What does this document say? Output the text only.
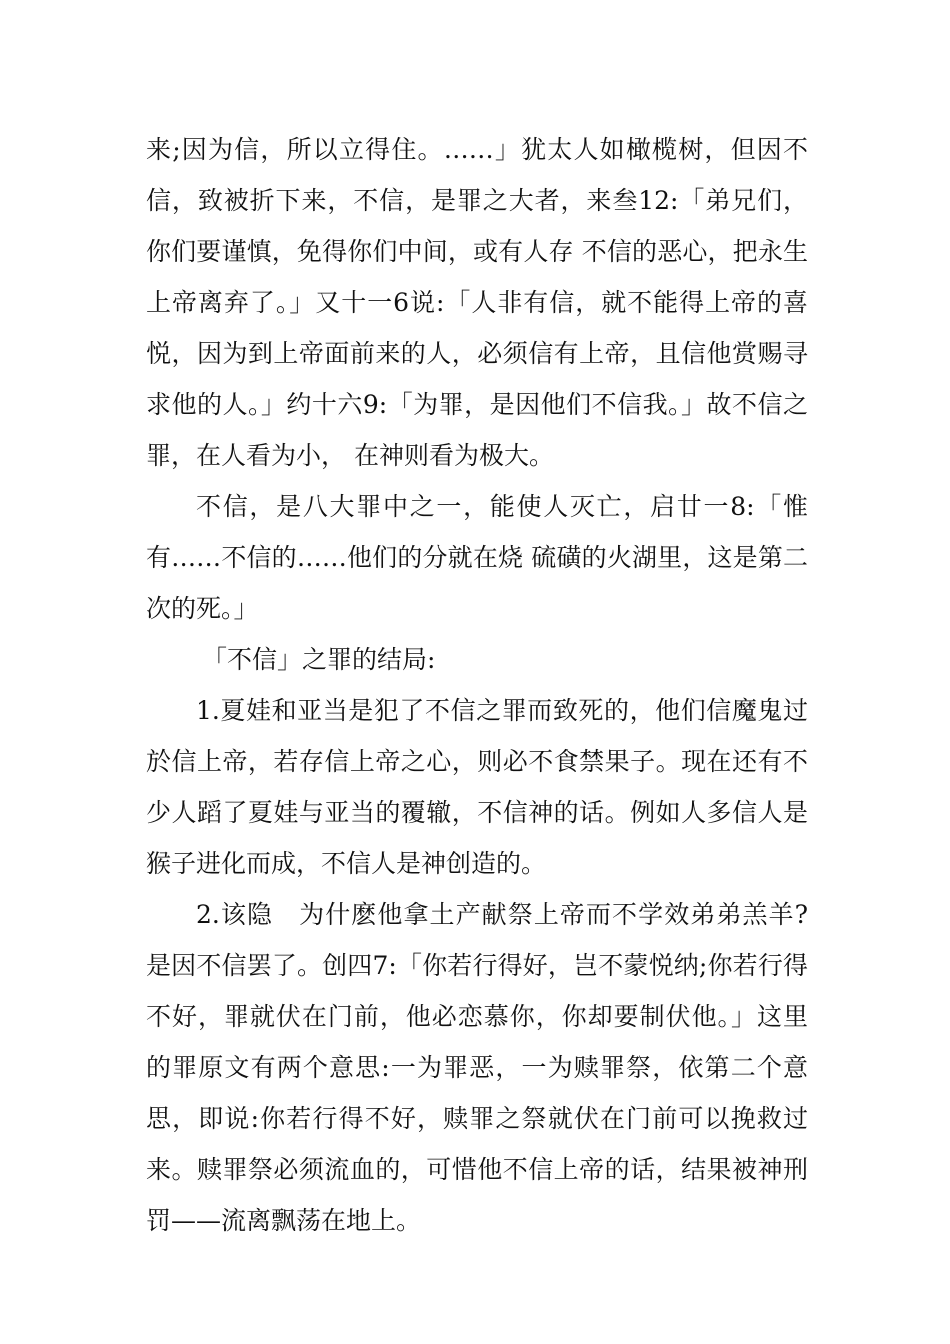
来;因为信，所以立得住。……」犹太人如橄榄树，但因不信，致被折下来，不信，是罪之大者，来叁12:「弟兄们，你们要谨慎，免得你们中间，或有人存 不信的恶心，把永生上帝离弃了。」又十一6说:「人非有信，就不能得上帝的喜悦，因为到上帝面前来的人，必须信有上帝，且信他赏赐寻求他的人。」约十六9:「为罪，是因他们不信我。」故不信之罪，在人看为小， 在神则看为极大。

不信，是八大罪中之一，能使人灭亡，启廿一8:「惟有……不信的……他们的分就在烧 硫磺的火湖里，这是第二次的死。」

「不信」之罪的结局:

1.夏娃和亚当是犯了不信之罪而致死的，他们信魔鬼过於信上帝，若存信上帝之心，则必不食禁果子。现在还有不少人蹈了夏娃与亚当的覆辙，不信神的话。例如人多信人是猴子进化而成，不信人是神创造的。

2.该隐　为什麽他拿土产献祭上帝而不学效弟弟羔羊?是因不信罢了。创四7:「你若行得好，岂不蒙悦纳;你若行得不好，罪就伏在门前，他必恋慕你，你却要制伏他。」这里的罪原文有两个意思:一为罪恶，一为赎罪祭，依第二个意思，即说:你若行得不好，赎罪之祭就伏在门前可以挽救过来。赎罪祭必须流血的，可惜他不信上帝的话，结果被神刑罚——流离飘荡在地上。
